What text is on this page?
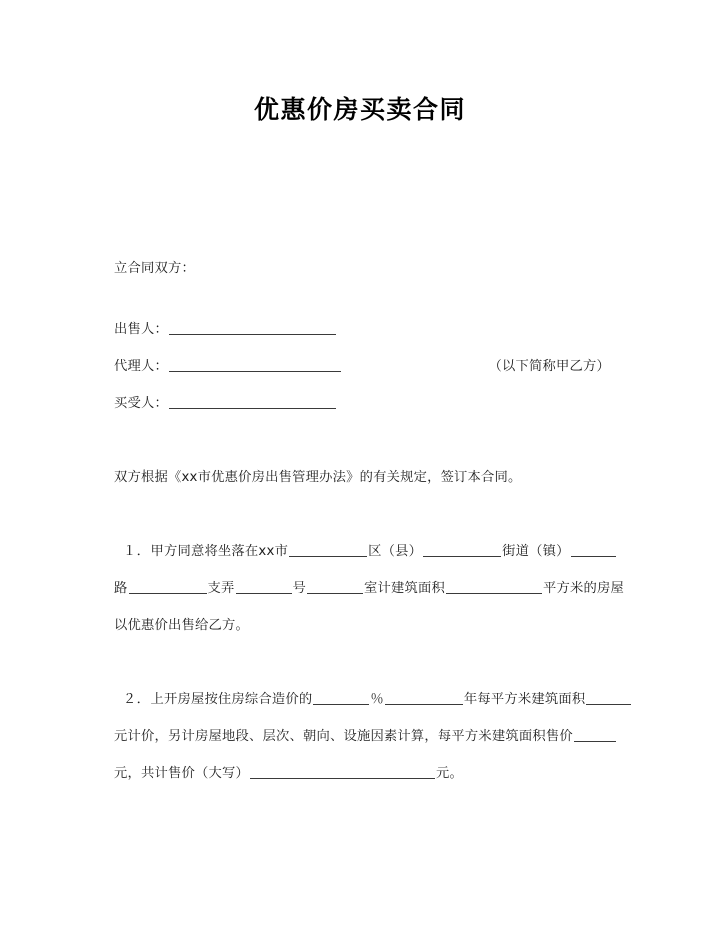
优惠价房买卖合同

立合同双方：

出售人：
代理人：	（以下简称甲乙方）
买受人：

双方根据《xx市优惠价房出售管理办法》的有关规定，签订本合同。

１．甲方同意将坐落在xx市	区（县）	街道（镇）

路	支弄	号	室计建筑面积	平方米的房屋

以优惠价出售给乙方。

２．上开房屋按住房综合造价的	％	年每平方米建筑面积

元计价，另计房屋地段、层次、朝向、设施因素计算，每平方米建筑面积售价

元，共计售价（大写）	元。
